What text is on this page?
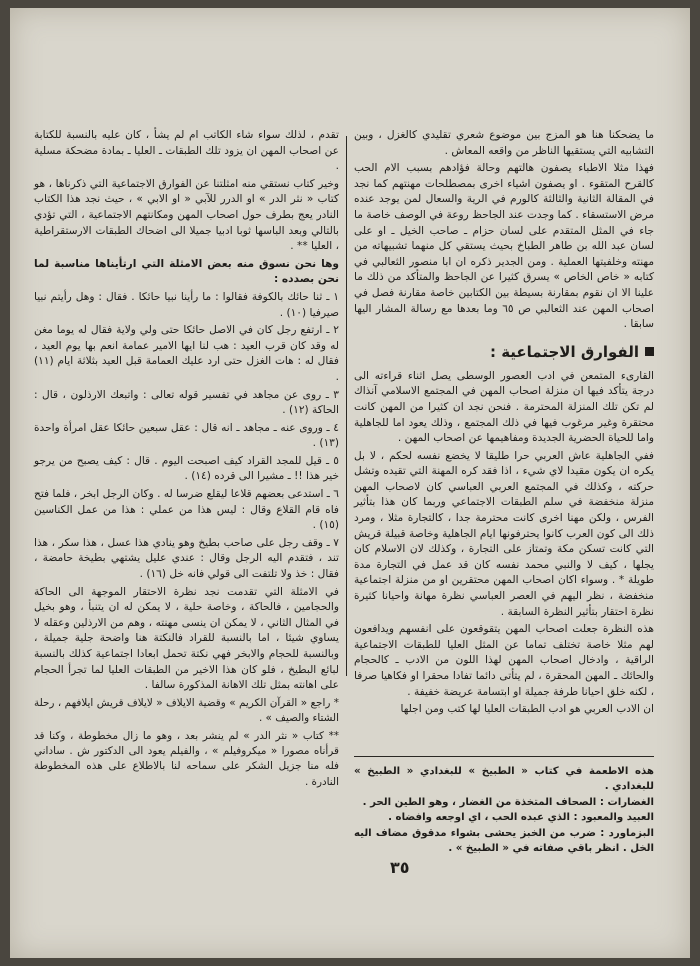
ما يضحكنا هنا هو المزج بين موضوع شعري تقليدي كالغزل ، وبين التشابيه التي يستقيها الناظر من واقعه المعاش .

فهذا مثلا الاطباء يصفون هالتهم وحالة فؤادهم بسبب الام الحب كالقرح المتقوء . او يصفون اشياء اخرى بمصطلحات مهنتهم كما نجد في المقالة الثانية والثالثة كالورم في الرية والسعال لمن يوجد عنده مرض الاستسقاء . كما وجدت عند الجاحظ روعة في الوصف خاصة ما جاء في المثل المتقدم على لسان حزام ـ صاحب الخيل ـ او على لسان عبد الله بن طاهر الطباخ بحيث يستقي كل منهما تشبيهاته من مهنته وخلفيتها العملية . ومن الجدير ذكره ان ابا منصور الثعالبي في كتابه « خاص الخاص » يسرق كثيرا عن الجاحظ والمتأكد من ذلك ما علينا الا ان نقوم بمقارنة بسيطة بين الكتابين خاصة مقارنة فصل في اصحاب المهن عند الثعالبي ص ٦٥ وما بعدها مع رسالة المشار اليها سابقا .

الفوارق الاجتماعية :

القارىء المتمعن في ادب العصور الوسطى يصل اثناء قراءته الى درجة يتأكد فيها ان منزلة اصحاب المهن في المجتمع الاسلامي آنذاك لم تكن تلك المنزلة المحترمة . فنحن نجد ان كثيرا من المهن كانت محتقرة وغير مرغوب فيها في ذلك المجتمع ، وذلك يعود اما للجاهلية واما للحياة الحضرية الجديدة ومفاهيمها عن اصحاب المهن .

ففي الجاهلية عاش العربي حرا طليقا لا يخضع نفسه لحكم ، لا بل يكره ان يكون مقيدا لاي شيء ، اذا فقد كره المهنة التي تقيده وتشل حركته ، وكذلك في المجتمع العربي العباسي كان لاصحاب المهن منزلة منخفضة في سلم الطبقات الاجتماعي وربما كان هذا بتأثير الفرس ، ولكن مهنا اخرى كانت محترمة جدا ، كالتجارة مثلا ، ومرد ذلك الى كون العرب كانوا يحترفونها ايام الجاهلية وخاصة قبيلة قريش التي كانت تسكن مكة وتمتاز على التجارة ، وكذلك لان الاسلام كان يجلها ، كيف لا والنبي محمد نفسه كان قد عمل في التجارة مدة طويلة * . وسواء اكان اصحاب المهن محتقرين او من منزلة اجتماعية منخفضة ، نظر اليهم في العصر العباسي نظرة مهانة واحيانا كثيرة نظرة احتقار بتأثير النظرة السابقة .

هذه النظرة جعلت اصحاب المهن يتقوقعون على انفسهم ويدافعون لهم مثلا خاصة تختلف تماما عن المثل العليا للطبقات الاجتماعية الراقية ، وادخال اصحاب المهن لهذا اللون من الادب ـ كالحجام والحائك ـ المهن المحقرة ، لم يتأتى دائما تفادا محقرا او فكاهيا صرفا ، لكنه خلق احيانا طرفة جميلة او ابتسامة عريضة خفيفة .

ان الادب العربي هو ادب الطبقات العليا لها كتب ومن اجلها

تقدم ، لذلك سواء شاء الكاتب ام لم يشأ ، كان عليه بالنسبة للكتابة عن اصحاب المهن ان يزود تلك الطبقات ـ العليا ـ بمادة مضحكة مسلية .

وخير كتاب نستقي منه امثلتنا عن الفوارق الاجتماعية التي ذكرناها ، هو كتاب « نثر الدر » او الدرر للآبي « او الابي » ، حيث نجد هذا الكتاب النادر يعج بطرف حول اصحاب المهن ومكانتهم الاجتماعية ، التي تؤدي بالتالي وبعد الباسها ثوبا ادبيا جميلا الى اضحاك الطبقات الارستقراطية ، العليا ** .

وها نحن نسوق منه بعض الامثلة التي ارتأيناها مناسبة لما نحن بصدده :

١ ـ ثنا حائك بالكوفة فقالوا : ما رأينا نبيا حائكا . فقال : وهل رأيتم نبيا صيرفيا (١٠) .

٢ ـ ارتفع رجل كان في الاصل حائكا حتى ولي ولاية فقال له يوما مغن له وقد كان قرب العيد : هب لنا ايها الامير عمامة انعم بها يوم العيد ، فقال له : هات الغزل حتى ارد عليك العمامة قبل العيد بثلاثة ايام (١١) .

٣ ـ روى عن مجاهد في تفسير قوله تعالى : واتبعك الارذلون ، قال : الحاكة (١٢) .

٤ ـ وروى عنه ـ مجاهد ـ انه قال : عقل سبعين حائكا عقل امرأة واحدة (١٣) .

٥ ـ قيل للمجد القراد كيف اصبحت اليوم . قال : كيف يصبح من يرجو خير هذا !! ـ مشيرا الى قرده (١٤) .

٦ ـ استدعى بعضهم قلاعا ليقلع ضرسا له . وكان الرجل ابخر ، فلما فتح فاه قام القلاع وقال : ليس هذا من عملي : هذا من عمل الكناسين (١٥) .

٧ ـ وقف رجل على صاحب بطيخ وهو ينادي هذا عسل ، هذا سكر ، هذا تند ، فتقدم اليه الرجل وقال : عندي عليل يشتهي بطيخة حامضة ، فقال : خذ ولا تلتفت الى قولي فانه خل (١٦) .

في الامثلة التي تقدمت نجد نظرة الاحتقار الموجهة الى الحاكة والحجامين ، فالحاكة ، وخاصة حلية ، لا يمكن له ان يتنبأ ، وهو بخيل في المثال الثاني ، لا يمكن ان ينسى مهنته ، وهم من الارذلين وعقله لا يساوي شيئا ، اما بالنسبة للقراد فالنكتة هنا واضحة جلية جميلة ، وبالنسبة للحجام والابخر فهي نكتة تحمل ابعادا اجتماعية كذلك بالنسبة لبائع البطيخ ، فلو كان هذا الاخير من الطبقات العليا لما تجرأ الحجام على اهانته بمثل تلك الاهانة المذكورة سالفا .

* راجع « القرآن الكريم » وقضية الايلاف « لايلاف قريش ايلافهم ، رحلة الشتاء والصيف » .

** كتاب « نثر الدر » لم ينشر بعد ، وهو ما زال مخطوطة ، وكنا قد قرأناه مصورا « ميكروفيلم » ، والفيلم يعود الى الدكتور ش . ساداني فله منا جزيل الشكر على سماحه لنا بالاطلاع على هذه المخطوطة النادرة .

هذه الاطعمة في كتاب « الطبيخ » للبغدادي « الطبيخ » للبغدادي .

الغضارات : الصحاف المتخذة من الغضار ، وهو الطين الحر .

العبيد والمعبود : الذي عبده الحب ، اي اوجعه وافضاه .

البزماورد : ضرب من الخبز يحشى بشواء مدقوق مضاف اليه الخل . انظر باقي صفاته في « الطبيخ » .

٣٥
